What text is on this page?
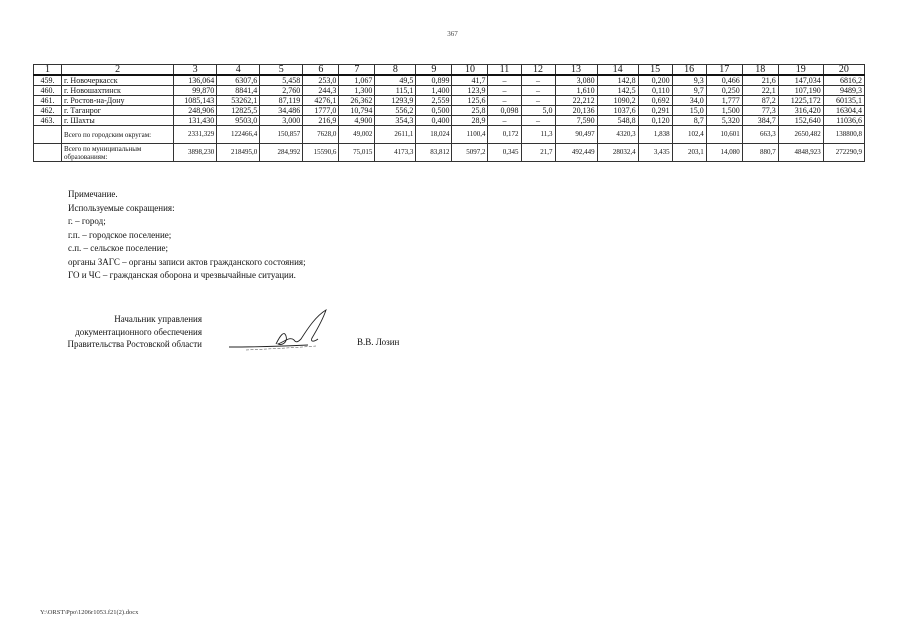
367
1	2	3	4	5	6	7	8	9	10	11	12	13	14	15	16	17	18	19	20
459.	г. Новочеркасск	136,064	6307,6	5,458	253,0	1,067	49,5	0,899	41,7	–	–	3,080	142,8	0,200	9,3	0,466	21,6	147,034	6816,2
460.	г. Новошахтинск	99,870	8841,4	2,760	244,3	1,300	115,1	1,400	123,9	–	–	1,610	142,5	0,110	9,7	0,250	22,1	107,190	9489,3
461.	г. Ростов-на-Дону	1085,143	53262,1	87,119	4276,1	26,362	1293,9	2,559	125,6	–	–	22,212	1090,2	0,692	34,0	1,777	87,2	1225,172	60135,1
462.	г. Таганрог	248,906	12825,5	34,486	1777,0	10,794	556,2	0,500	25,8	0,098	5,0	20,136	1037,6	0,291	15,0	1,500	77,3	316,420	16304,4
463.	г. Шахты	131,430	9503,0	3,000	216,9	4,900	354,3	0,400	28,9	–	–	7,590	548,8	0,120	8,7	5,320	384,7	152,640	11036,6
	Всего по городским округам:	2331,329	122466,4	150,857	7628,0	49,002	2611,1	18,024	1100,4	0,172	11,3	90,497	4320,3	1,838	102,4	10,601	663,3	2650,482	138800,8
	Всего по муниципальным образованиям:	3898,230	218495,0	284,992	15590,6	75,015	4173,3	83,812	5097,2	0,345	21,7	492,449	28032,4	3,435	203,1	14,080	880,7	4848,923	272290,9
Примечание.
Используемые сокращения:
г. – город;
г.п. – городское поселение;
с.п. – сельское поселение;
органы ЗАГС – органы записи актов гражданского состояния;
ГО и ЧС – гражданская оборона и чрезвычайные ситуации.
Начальник управления
документационного обеспечения
Правительства Ростовской области	В.В. Лозин
Y:\ORST\Ppo\1206r1053.f21(2).docx
